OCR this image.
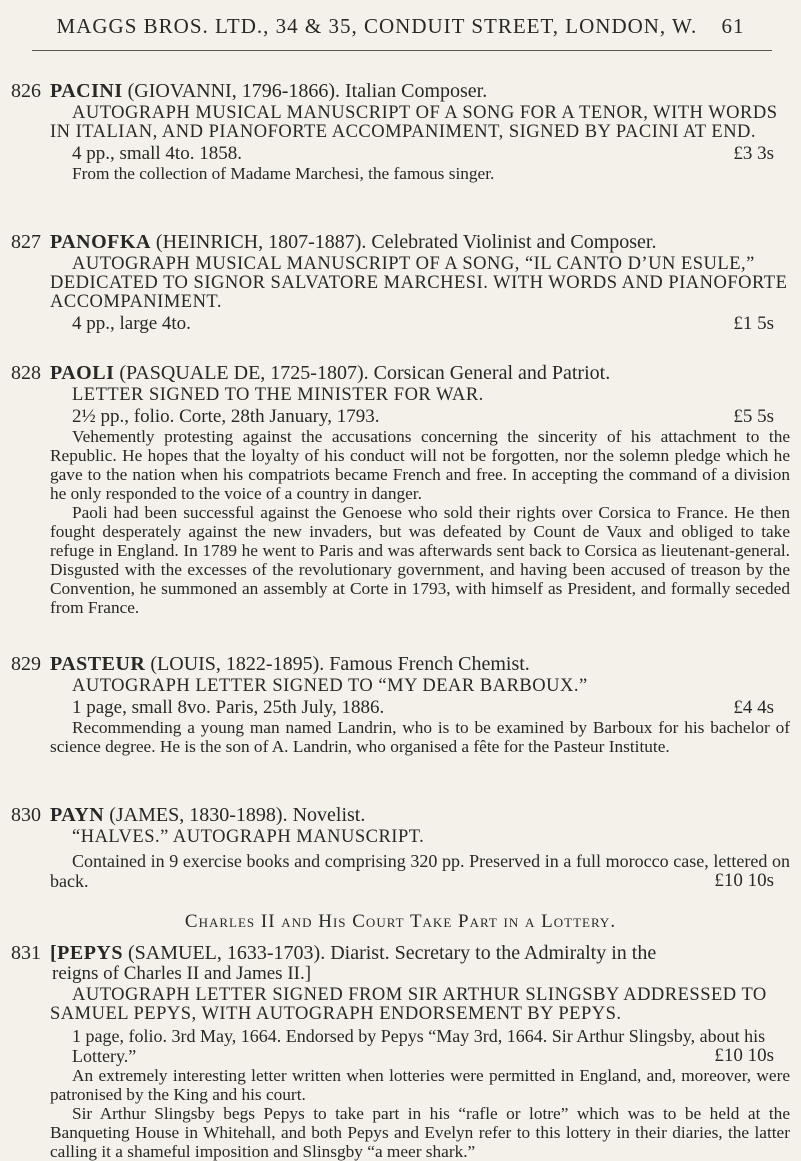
MAGGS BROS. LTD., 34 & 35, CONDUIT STREET, LONDON, W. 61
826 PACINI (GIOVANNI, 1796-1866). Italian Composer.

AUTOGRAPH MUSICAL MANUSCRIPT OF A SONG FOR A TENOR, WITH WORDS IN ITALIAN, AND PIANOFORTE ACCOMPANIMENT, SIGNED BY PACINI AT END.

4 pp., small 4to. 1858.	£3 3s

From the collection of Madame Marchesi, the famous singer.

827 PANOFKA (HEINRICH, 1807-1887). Celebrated Violinist and Composer.

AUTOGRAPH MUSICAL MANUSCRIPT OF A SONG, “IL CANTO D’UN ESULE,” DEDICATED TO SIGNOR SALVATORE MARCHESI. WITH WORDS AND PIANOFORTE ACCOMPANIMENT.

4 pp., large 4to.	£1 5s

828 PAOLI (PASQUALE DE, 1725-1807). Corsican General and Patriot.

LETTER SIGNED TO THE MINISTER FOR WAR.

2½ pp., folio. Corte, 28th January, 1793.	£5 5s

Vehemently protesting against the accusations concerning the sincerity of his attachment to the Republic. He hopes that the loyalty of his conduct will not be forgotten, nor the solemn pledge which he gave to the nation when his compatriots became French and free. In accepting the command of a division he only responded to the voice of a country in danger.

Paoli had been successful against the Genoese who sold their rights over Corsica to France. He then fought desperately against the new invaders, but was defeated by Count de Vaux and obliged to take refuge in England. In 1789 he went to Paris and was afterwards sent back to Corsica as lieutenant-general. Disgusted with the excesses of the revolutionary government, and having been accused of treason by the Convention, he summoned an assembly at Corte in 1793, with himself as President, and formally seceded from France.

829 PASTEUR (LOUIS, 1822-1895). Famous French Chemist.

AUTOGRAPH LETTER SIGNED TO “MY DEAR BARBOUX.”

1 page, small 8vo. Paris, 25th July, 1886.	£4 4s

Recommending a young man named Landrin, who is to be examined by Barboux for his bachelor of science degree. He is the son of A. Landrin, who organised a fête for the Pasteur Institute.

830 PAYN (JAMES, 1830-1898). Novelist.

“HALVES.” AUTOGRAPH MANUSCRIPT.

Contained in 9 exercise books and comprising 320 pp. Preserved in a full morocco case, lettered on back.	£10 10s

Charles II and His Court Take Part in a Lottery.
831 [PEPYS (SAMUEL, 1633-1703). Diarist. Secretary to the Admiralty in the

reigns of Charles II and James II.]

AUTOGRAPH LETTER SIGNED FROM SIR ARTHUR SLINGSBY ADDRESSED TO SAMUEL PEPYS, WITH AUTOGRAPH ENDORSEMENT BY PEPYS.

1 page, folio. 3rd May, 1664. Endorsed by Pepys “May 3rd, 1664. Sir Arthur Slingsby, about his Lottery.”	£10 10s

An extremely interesting letter written when lotteries were permitted in England, and, moreover, were patronised by the King and his court.

Sir Arthur Slingsby begs Pepys to take part in his “rafle or lotre” which was to be held at the Banqueting House in Whitehall, and both Pepys and Evelyn refer to this lottery in their diaries, the latter calling it a shameful imposition and Slinsgby “a meer shark.”
